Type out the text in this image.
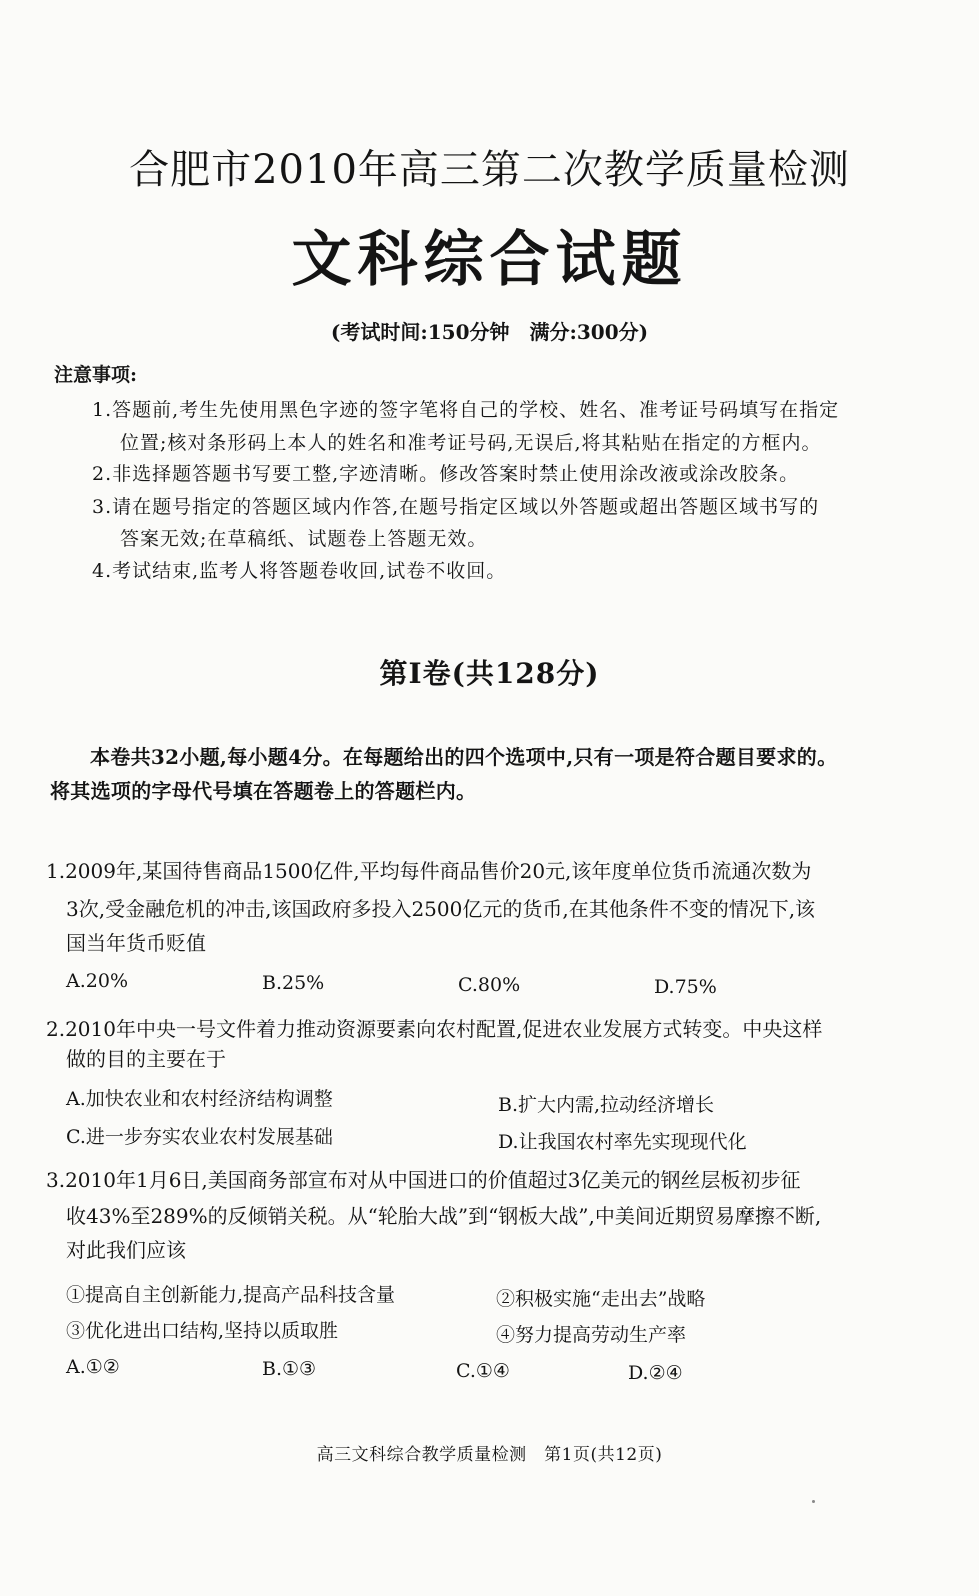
合肥市2010年高三第二次教学质量检测
文科综合试题
(考试时间:150分钟 满分:300分)
注意事项:
1.答题前,考生先使用黑色字迹的签字笔将自己的学校、姓名、准考证号码填写在指定
位置;核对条形码上本人的姓名和准考证号码,无误后,将其粘贴在指定的方框内。
2.非选择题答题书写要工整,字迹清晰。修改答案时禁止使用涂改液或涂改胶条。
3.请在题号指定的答题区域内作答,在题号指定区域以外答题或超出答题区域书写的
答案无效;在草稿纸、试题卷上答题无效。
4.考试结束,监考人将答题卷收回,试卷不收回。
第Ⅰ卷(共128分)
本卷共32小题,每小题4分。在每题给出的四个选项中,只有一项是符合题目要求的。
将其选项的字母代号填在答题卷上的答题栏内。
1.2009年,某国待售商品1500亿件,平均每件商品售价20元,该年度单位货币流通次数为
3次,受金融危机的冲击,该国政府多投入2500亿元的货币,在其他条件不变的情况下,该
国当年货币贬值
A.20%	B.25%	C.80%	D.75%
2.2010年中央一号文件着力推动资源要素向农村配置,促进农业发展方式转变。中央这样
做的目的主要在于
A.加快农业和农村经济结构调整	B.扩大内需,拉动经济增长
C.进一步夯实农业农村发展基础	D.让我国农村率先实现现代化
3.2010年1月6日,美国商务部宣布对从中国进口的价值超过3亿美元的钢丝层板初步征
收43%至289%的反倾销关税。从“轮胎大战”到“钢板大战”,中美间近期贸易摩擦不断,
对此我们应该
①提高自主创新能力,提高产品科技含量	②积极实施“走出去”战略
③优化进出口结构,坚持以质取胜	④努力提高劳动生产率
A.①②	B.①③	C.①④	D.②④
高三文科综合教学质量检测　第1页(共12页)
